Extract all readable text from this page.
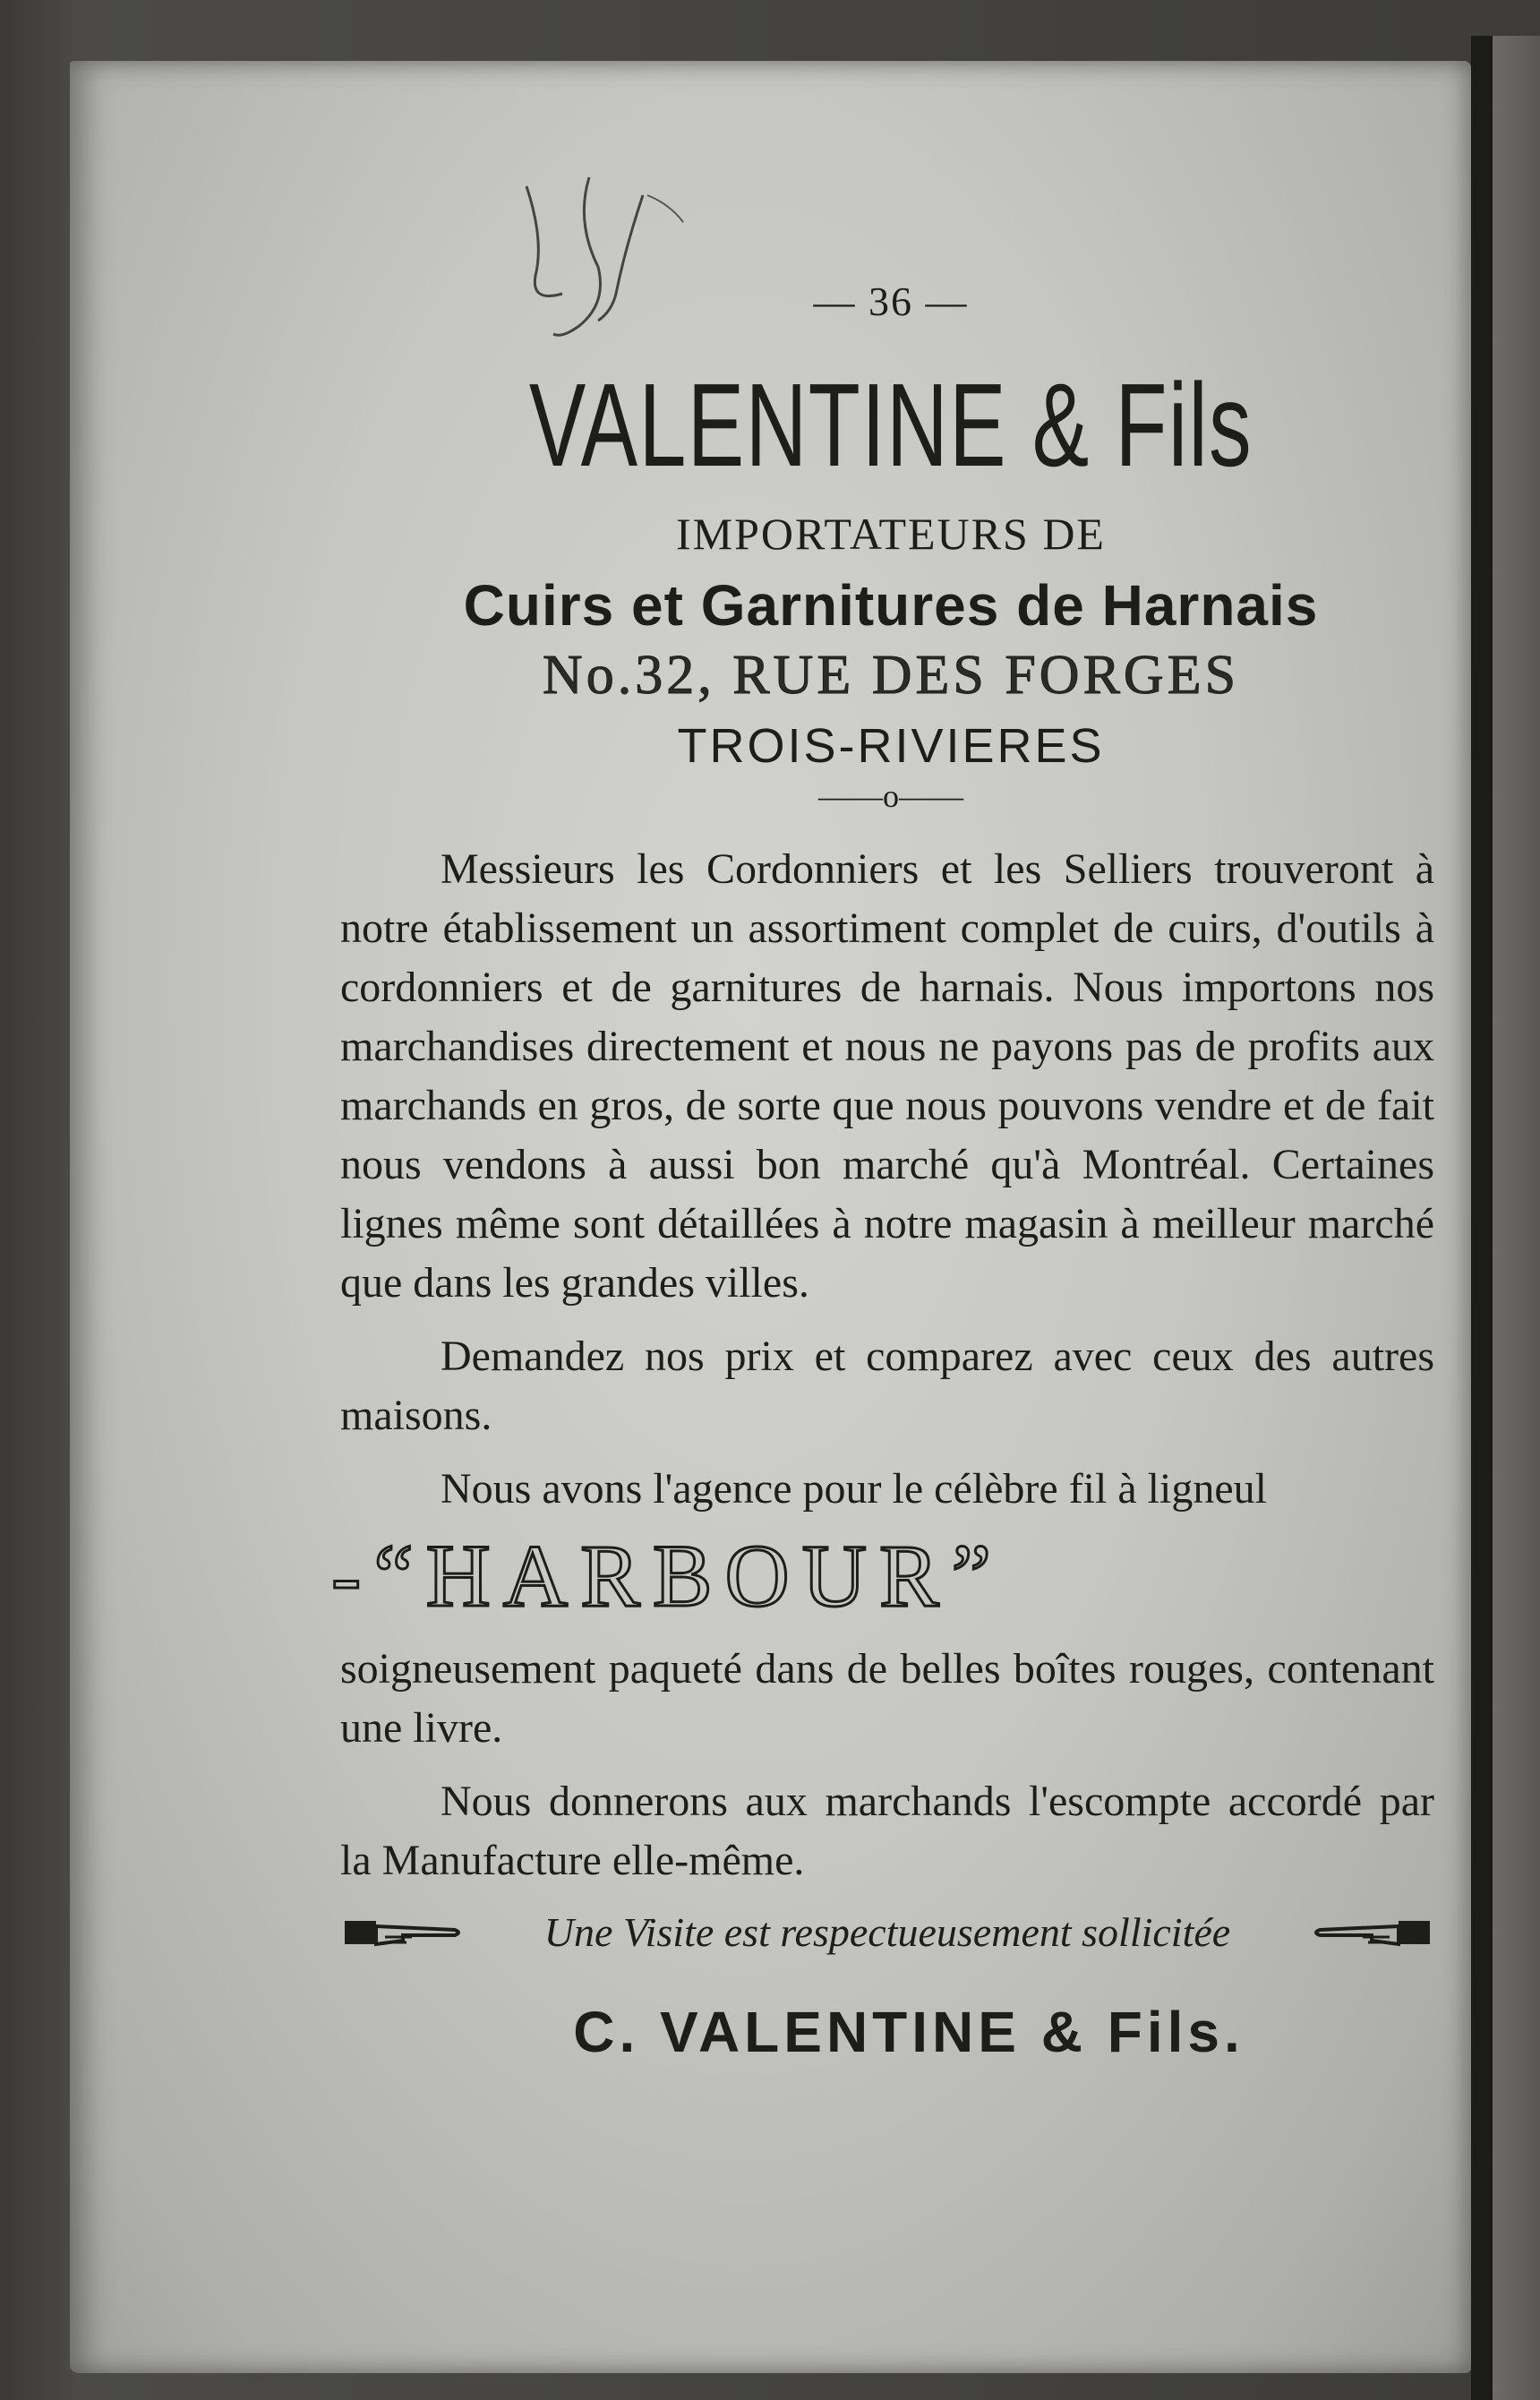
— 36 —
VALENTINE & Fils
IMPORTATEURS DE
Cuirs et Garnitures de Harnais
No.32, RUE DES FORGES
TROIS-RIVIERES
——o——

Messieurs les Cordonniers et les Selliers trouveront à notre établissement un assortiment complet de cuirs, d'outils à cordonniers et de garnitures de harnais. Nous importons nos marchandises directement et nous ne payons pas de profits aux marchands en gros, de sorte que nous pouvons vendre et de fait nous vendons à aussi bon marché qu'à Montréal. Certaines lignes même sont détaillées à notre magasin à meilleur marché que dans les grandes villes.

Demandez nos prix et comparez avec ceux des autres maisons.

Nous avons l'agence pour le célèbre fil à ligneul

-“HARBOUR”

soigneusement paqueté dans de belles boîtes rouges, contenant une livre.

Nous donnerons aux marchands l'escompte accordé par la Manufacture elle-même.

Une Visite est respectueusement sollicitée
C. VALENTINE & Fils.
